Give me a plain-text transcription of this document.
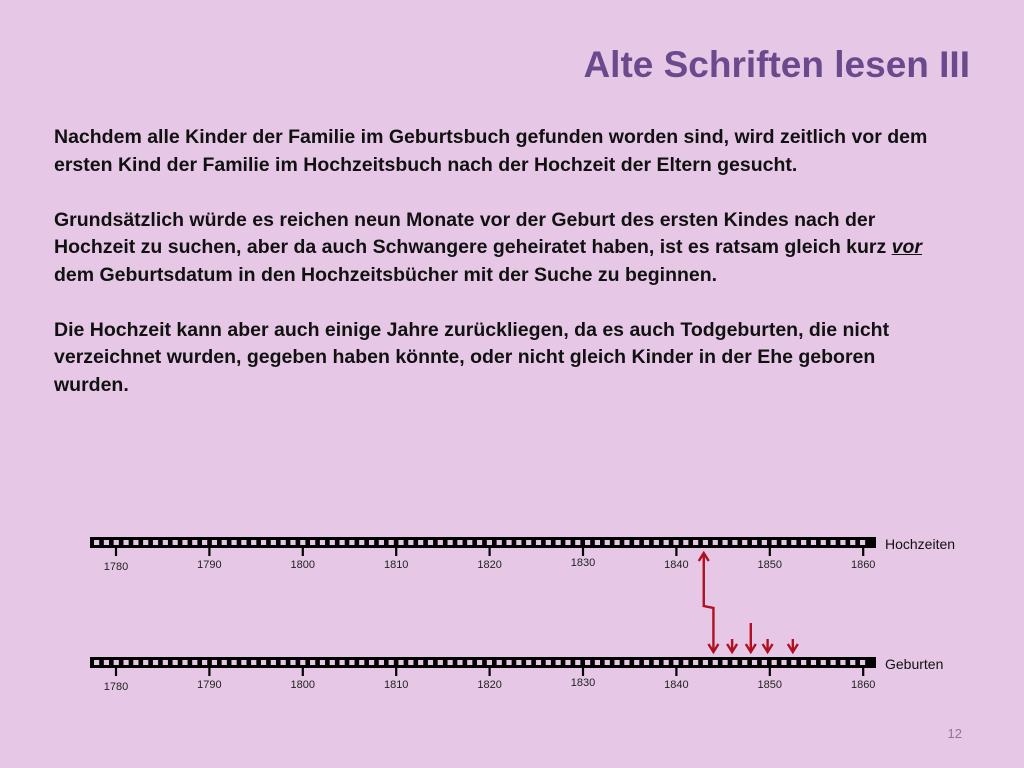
Alte Schriften lesen III

Nachdem alle Kinder der Familie im Geburtsbuch gefunden worden sind, wird zeitlich vor dem ersten Kind der Familie im Hochzeitsbuch nach der Hochzeit der Eltern gesucht.

Grundsätzlich würde es reichen neun Monate vor der Geburt des ersten Kindes nach der Hochzeit zu suchen, aber da auch Schwangere geheiratet haben, ist es ratsam gleich kurz vor dem Geburtsdatum in den Hochzeitsbücher mit der Suche zu beginnen.

Die Hochzeit kann aber auch einige Jahre zurückliegen, da es auch Todgeburten, die nicht verzeichnet wurden, gegeben haben könnte, oder nicht gleich Kinder in der Ehe geboren wurden.

1780	1790	1800	1810	1820	1830	1840	1850	1860
Hochzeiten
1780	1790	1800	1810	1820	1830	1840	1850	1860
Geburten
12
